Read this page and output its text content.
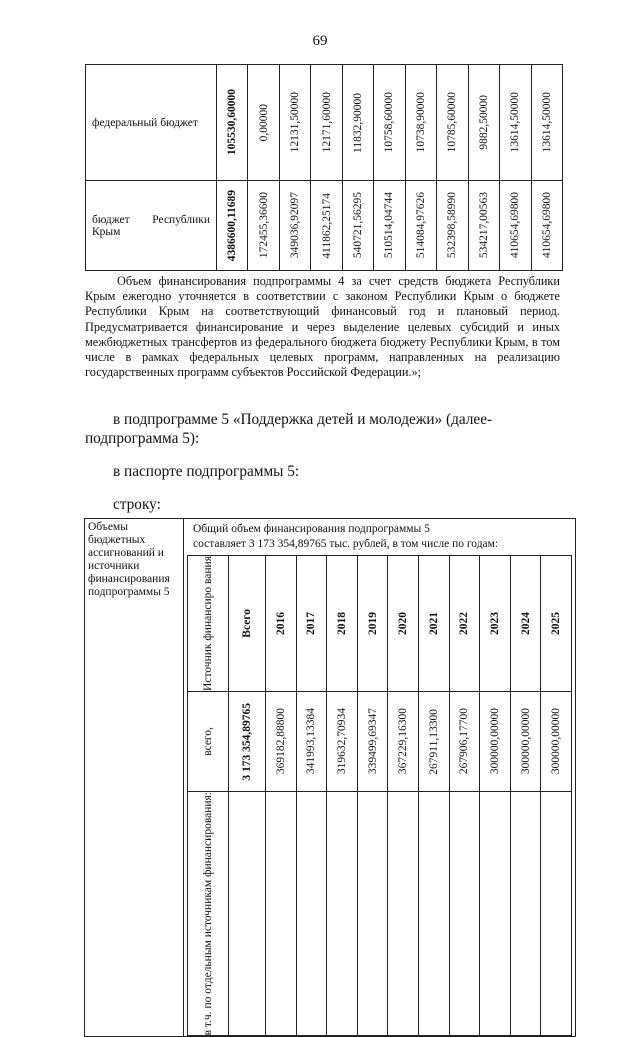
69
федеральный бюджет	105530,60000	0,00000	12131,50000	12171,60000	11832,90000	10758,60000	10738,90000	10785,60000	9882,50000	13614,50000	13614,50000

бюджет Республики Крым	4386600,11689	172455,36600	349036,92097	411862,25174	540721,56295	510514,04744	514084,97626	532398,58990	534217,00563	410654,69800	410654,69800
Объем финансирования подпрограммы 4 за счет средств бюджета Республики Крым ежегодно уточняется в соответствии с законом Республики Крым о бюджете Республики Крым на соответствующий финансовый год и плановый период. Предусматривается финансирование и через выделение целевых субсидий и иных межбюджетных трансфертов из федерального бюджета бюджету Республики Крым, в том числе в рамках федеральных целевых программ, направленных на реализацию государственных программ субъектов Российской Федерации.»;
в подпрограмме 5 «Поддержка детей и молодежи» (далее-
подпрограмма 5):
в паспорте подпрограммы 5:
строку:
Объемы бюджетных ассигнований и источники финансирования подпрограммы 5	
Общий объем финансирования подпрограммы 5
составляет 3 173 354,89765 тыс. рублей, в том числе по годам:
Источник финансиро вания	Всего	2016	2017	2018	2019	2020	2021	2022	2023	2024	2025

всего,	3 173 354,89765	369182,88800	341993,13384	319632,70934	339499,69347	367229,16300	267911,13300	267906,17700	300000,00000	300000,00000	300000,00000

в т.ч. по отдельным источникам финансирования:
